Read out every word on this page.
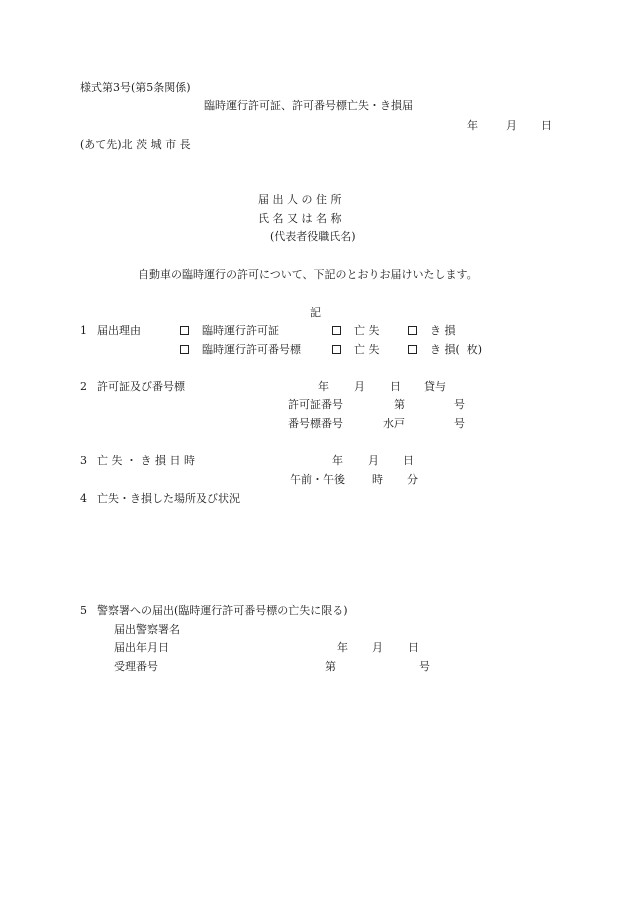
様式第3号(第5条関係)
臨時運行許可証、許可番号標亡失・き損届
年	月 日
(あて先)北 茨 城 市 長
届 出 人 の 住 所
氏 名 又 は 名 称
(代表者役職氏名)
自動車の臨時運行の許可について、下記のとおりお届けいたします。
記
1 届出理由	臨時運行許可証	亡 失	き 損
臨時運行許可番号標	亡 失	き 損(  枚)
2 許可証及び番号標	年 月 日 貸与
許可証番号	第	号
番号標番号	水戸	号
3 亡 失 ・ き 損 日 時	年 月 日
午前・午後 時 分
4 亡失・き損した場所及び状況
5 警察署への届出(臨時運行許可番号標の亡失に限る)
届出警察署名
届出年月日	年 月 日
受理番号	第	号
